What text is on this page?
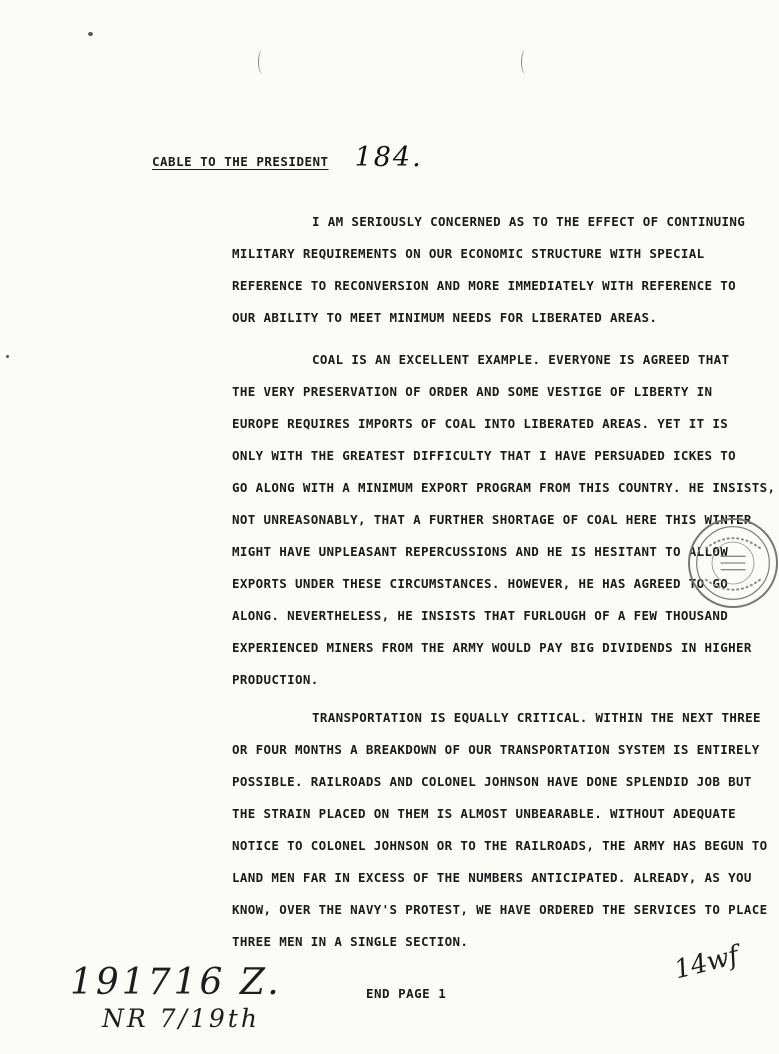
CABLE TO THE PRESIDENT 184.
I AM SERIOUSLY CONCERNED AS TO THE EFFECT OF CONTINUING
MILITARY REQUIREMENTS ON OUR ECONOMIC STRUCTURE WITH SPECIAL
REFERENCE TO RECONVERSION AND MORE IMMEDIATELY WITH REFERENCE TO
OUR ABILITY TO MEET MINIMUM NEEDS FOR LIBERATED AREAS.
COAL IS AN EXCELLENT EXAMPLE. EVERYONE IS AGREED THAT
THE VERY PRESERVATION OF ORDER AND SOME VESTIGE OF LIBERTY IN
EUROPE REQUIRES IMPORTS OF COAL INTO LIBERATED AREAS. YET IT IS
ONLY WITH THE GREATEST DIFFICULTY THAT I HAVE PERSUADED ICKES TO
GO ALONG WITH A MINIMUM EXPORT PROGRAM FROM THIS COUNTRY. HE INSISTS,
NOT UNREASONABLY, THAT A FURTHER SHORTAGE OF COAL HERE THIS WINTER
MIGHT HAVE UNPLEASANT REPERCUSSIONS AND HE IS HESITANT TO ALLOW
EXPORTS UNDER THESE CIRCUMSTANCES. HOWEVER, HE HAS AGREED TO GO
ALONG. NEVERTHELESS, HE INSISTS THAT FURLOUGH OF A FEW THOUSAND
EXPERIENCED MINERS FROM THE ARMY WOULD PAY BIG DIVIDENDS IN HIGHER
PRODUCTION.
TRANSPORTATION IS EQUALLY CRITICAL. WITHIN THE NEXT THREE
OR FOUR MONTHS A BREAKDOWN OF OUR TRANSPORTATION SYSTEM IS ENTIRELY
POSSIBLE. RAILROADS AND COLONEL JOHNSON HAVE DONE SPLENDID JOB BUT
THE STRAIN PLACED ON THEM IS ALMOST UNBEARABLE. WITHOUT ADEQUATE
NOTICE TO COLONEL JOHNSON OR TO THE RAILROADS, THE ARMY HAS BEGUN TO
LAND MEN FAR IN EXCESS OF THE NUMBERS ANTICIPATED. ALREADY, AS YOU
KNOW, OVER THE NAVY'S PROTEST, WE HAVE ORDERED THE SERVICES TO PLACE
THREE MEN IN A SINGLE SECTION.
END PAGE 1
191716 Z.
NR 7/19th
14wf
